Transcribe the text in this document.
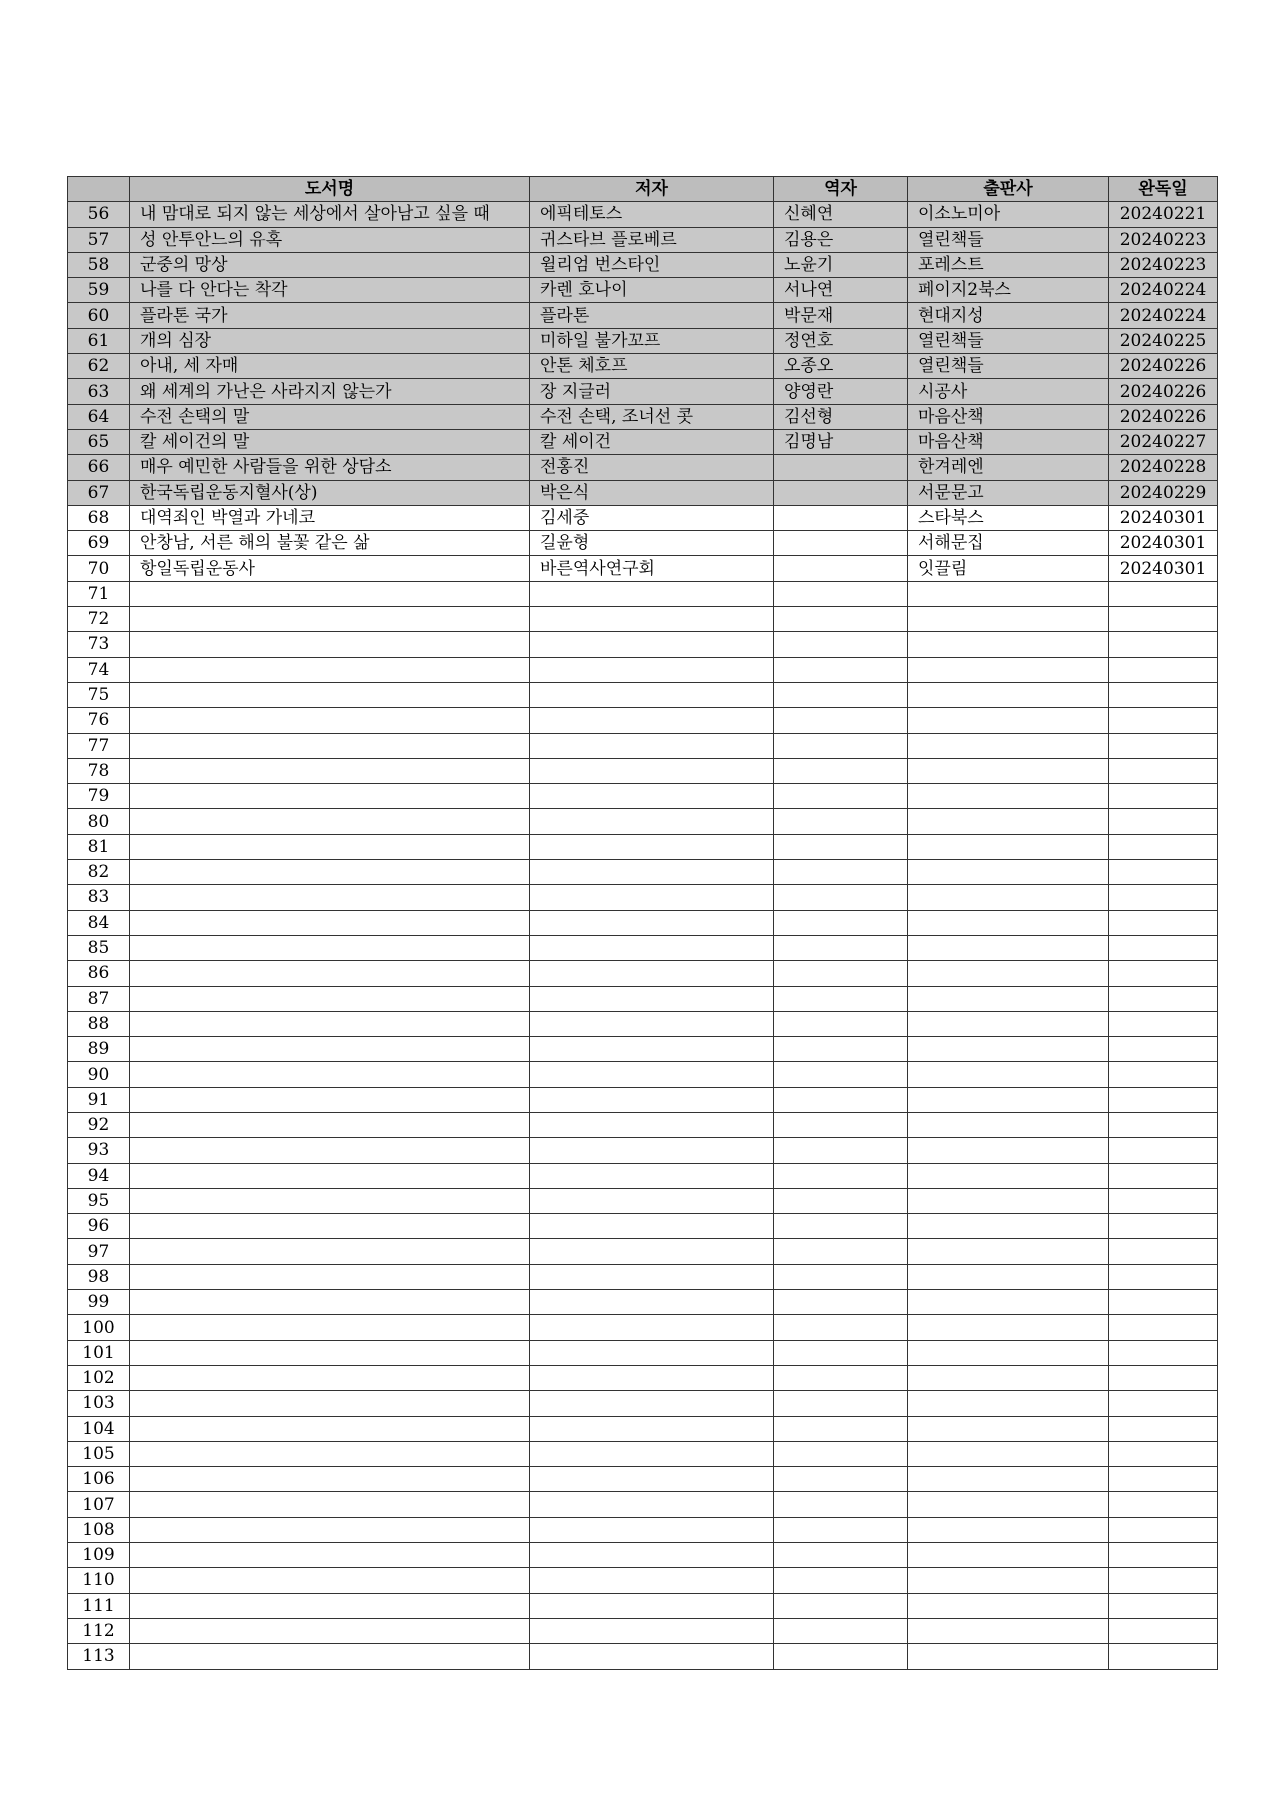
	도서명	저자	역자	출판사	완독일
56	내 맘대로 되지 않는 세상에서 살아남고 싶을 때	에픽테토스	신혜연	이소노미아	20240221
57	성 안투안느의 유혹	귀스타브 플로베르	김용은	열린책들	20240223
58	군중의 망상	윌리엄 번스타인	노윤기	포레스트	20240223
59	나를 다 안다는 착각	카렌 호나이	서나연	페이지2북스	20240224
60	플라톤 국가	플라톤	박문재	현대지성	20240224
61	개의 심장	미하일 불가꼬프	정연호	열린책들	20240225
62	아내, 세 자매	안톤 체호프	오종오	열린책들	20240226
63	왜 세계의 가난은 사라지지 않는가	장 지글러	양영란	시공사	20240226
64	수전 손택의 말	수전 손택, 조너선 콧	김선형	마음산책	20240226
65	칼 세이건의 말	칼 세이건	김명남	마음산책	20240227
66	매우 예민한 사람들을 위한 상담소	전홍진		한겨레엔	20240228
67	한국독립운동지혈사(상)	박은식		서문문고	20240229
68	대역죄인 박열과 가네코	김세중		스타북스	20240301
69	안창남, 서른 해의 불꽃 같은 삶	길윤형		서해문집	20240301
70	항일독립운동사	바른역사연구회		잇끌림	20240301
71					
72					
73					
74					
75					
76					
77					
78					
79					
80					
81					
82					
83					
84					
85					
86					
87					
88					
89					
90					
91					
92					
93					
94					
95					
96					
97					
98					
99					
100					
101					
102					
103					
104					
105					
106					
107					
108					
109					
110					
111					
112					
113					
